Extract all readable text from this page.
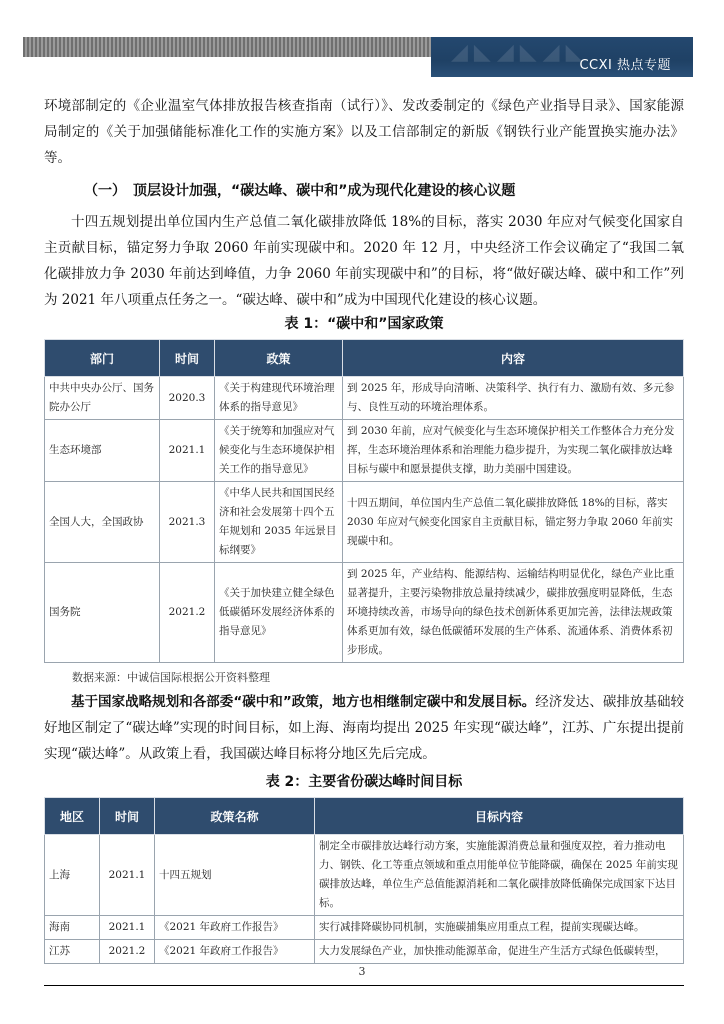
◢◣◢◣◢◣
CCXI 热点专题

环境部制定的《企业温室气体排放报告核查指南（试行）》、发改委制定的《绿色产业指导目录》、国家能源局制定的《关于加强储能标准化工作的实施方案》以及工信部制定的新版《钢铁行业产能置换实施办法》等。

（一）　顶层设计加强，“碳达峰、碳中和”成为现代化建设的核心议题

十四五规划提出单位国内生产总值二氧化碳排放降低 18%的目标，落实 2030 年应对气候变化国家自主贡献目标，锚定努力争取 2060 年前实现碳中和。2020 年 12 月，中央经济工作会议确定了“我国二氧化碳排放力争 2030 年前达到峰值，力争 2060 年前实现碳中和”的目标，将“做好碳达峰、碳中和工作”列为 2021 年八项重点任务之一。“碳达峰、碳中和”成为中国现代化建设的核心议题。

表 1：“碳中和”国家政策
部门	时间	政策	内容
中共中央办公厅、国务院办公厅	2020.3	《关于构建现代环境治理体系的指导意见》	到 2025 年，形成导向清晰、决策科学、执行有力、激励有效、多元参与、良性互动的环境治理体系。
生态环境部	2021.1	《关于统筹和加强应对气候变化与生态环境保护相关工作的指导意见》	到 2030 年前，应对气候变化与生态环境保护相关工作整体合力充分发挥，生态环境治理体系和治理能力稳步提升，为实现二氧化碳排放达峰目标与碳中和愿景提供支撑，助力美丽中国建设。
全国人大，全国政协	2021.3	《中华人民共和国国民经济和社会发展第十四个五年规划和 2035 年远景目标纲要》	十四五期间，单位国内生产总值二氧化碳排放降低 18%的目标，落实 2030 年应对气候变化国家自主贡献目标，锚定努力争取 2060 年前实现碳中和。
国务院	2021.2	《关于加快建立健全绿色低碳循环发展经济体系的指导意见》	到 2025 年，产业结构、能源结构、运输结构明显优化，绿色产业比重显著提升，主要污染物排放总量持续减少，碳排放强度明显降低，生态环境持续改善，市场导向的绿色技术创新体系更加完善，法律法规政策体系更加有效，绿色低碳循环发展的生产体系、流通体系、消费体系初步形成。
数据来源：中诚信国际根据公开资料整理

基于国家战略规划和各部委“碳中和”政策，地方也相继制定碳中和发展目标。经济发达、碳排放基础较好地区制定了“碳达峰”实现的时间目标，如上海、海南均提出 2025 年实现“碳达峰”，江苏、广东提出提前实现“碳达峰”。从政策上看，我国碳达峰目标将分地区先后完成。

表 2：主要省份碳达峰时间目标
地区	时间	政策名称	目标内容
上海	2021.1	十四五规划	制定全市碳排放达峰行动方案，实施能源消费总量和强度双控，着力推动电力、钢铁、化工等重点领域和重点用能单位节能降碳，确保在 2025 年前实现碳排放达峰，单位生产总值能源消耗和二氧化碳排放降低确保完成国家下达目标。
海南	2021.1	《2021 年政府工作报告》	实行减排降碳协同机制，实施碳捕集应用重点工程，提前实现碳达峰。
江苏	2021.2	《2021 年政府工作报告》	大力发展绿色产业，加快推动能源革命，促进生产生活方式绿色低碳转型，
3
